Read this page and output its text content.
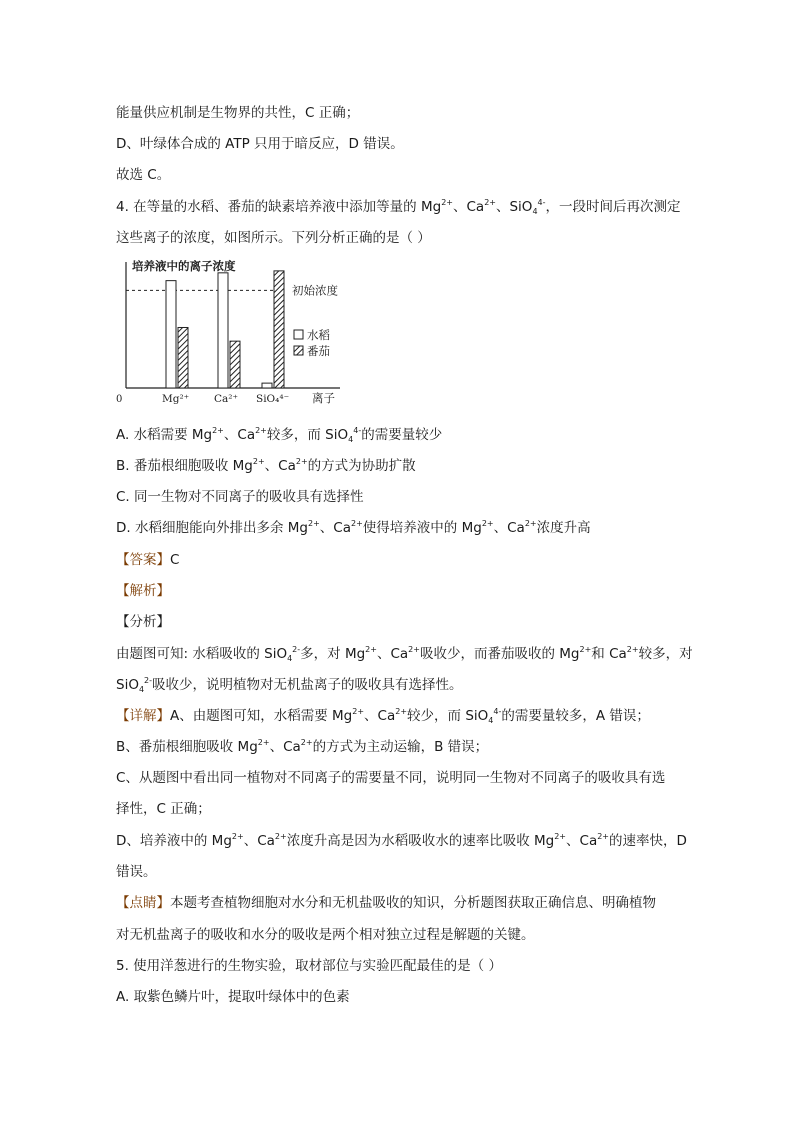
能量供应机制是生物界的共性，C 正确；
D、叶绿体合成的 ATP 只用于暗反应，D 错误。
故选 C。
4. 在等量的水稻、番茄的缺素培养液中添加等量的 $Mg^{2+}$、$Ca^{2+}$、SiO$_4^{4-}$，一段时间后再次测定
这些离子的浓度，如图所示。下列分析正确的是（ ）
培养液中的离子浓度
0
初始浓度
Mg²⁺ Ca²⁺ SiO₄⁴⁻ 离子
水稻
番茄
A. 水稻需要 $Mg^{2+}$、$Ca^{2+}$较多，而 SiO$_4^{4-}$的需要量较少
B. 番茄根细胞吸收 $Mg^{2+}$、$Ca^{2+}$的方式为协助扩散
C. 同一生物对不同离子的吸收具有选择性
D. 水稻细胞能向外排出多余 $Mg^{2+}$、$Ca^{2+}$使得培养液中的 $Mg^{2+}$、$Ca^{2+}$浓度升高
【答案】C
【解析】
【分析】
由题图可知: 水稻吸收的 SiO$_4^{2-}$多，对 $Mg^{2+}$、$Ca^{2+}$吸收少，而番茄吸收的 $Mg^{2+}$和 $Ca^{2+}$较多，对
SiO$_4^{2-}$吸收少，说明植物对无机盐离子的吸收具有选择性。
【详解】A、由题图可知，水稻需要 $Mg^{2+}$、$Ca^{2+}$较少，而 SiO$_4^{4-}$的需要量较多，A 错误；
B、番茄根细胞吸收 $Mg^{2+}$、$Ca^{2+}$的方式为主动运输，B 错误；
C、从题图中看出同一植物对不同离子的需要量不同，说明同一生物对不同离子的吸收具有选
择性，C 正确；
D、培养液中的 $Mg^{2+}$、$Ca^{2+}$浓度升高是因为水稻吸收水的速率比吸收 $Mg^{2+}$、$Ca^{2+}$的速率快，D
错误。
【点睛】本题考查植物细胞对水分和无机盐吸收的知识，分析题图获取正确信息、明确植物
对无机盐离子的吸收和水分的吸收是两个相对独立过程是解题的关键。
5. 使用洋葱进行的生物实验，取材部位与实验匹配最佳的是（ ）
A. 取紫色鳞片叶，提取叶绿体中的色素
